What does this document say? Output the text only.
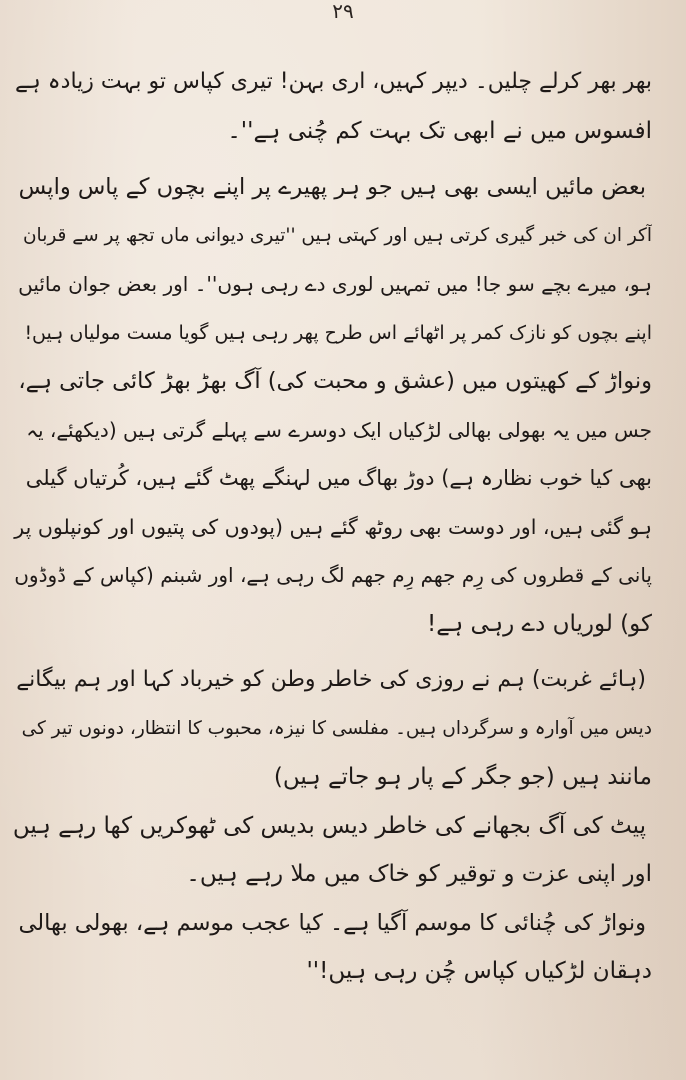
۲۹
بھر بھر کرلے چلیں۔ دیپر کہیں، اری بہن! تیری کپاس تو بہت زیادہ ہے
افسوس میں نے ابھی تک بہت کم چُنی ہے''۔
بعض مائیں ایسی بھی ہیں جو ہر پھیرے پر اپنے بچوں کے پاس واپس
آکر ان کی خبر گیری کرتی ہیں اور کہتی ہیں ''تیری دیوانی ماں تجھ پر سے قربان
ہو، میرے بچے سو جا! میں تمہیں لوری دے رہی ہوں''۔ اور بعض جوان مائیں
اپنے بچوں کو نازک کمر پر اٹھائے اس طرح پھر رہی ہیں گویا مست مولیاں ہیں!
ونواڑ کے کھیتوں میں (عشق و محبت کی) آگ بھڑ بھڑ کائی جاتی ہے،
جس میں یہ بھولی بھالی لڑکیاں ایک دوسرے سے پہلے گرتی ہیں (دیکھئے، یہ
بھی کیا خوب نظارہ ہے) دوڑ بھاگ میں لہنگے پھٹ گئے ہیں، کُرتیاں گیلی
ہو گئی ہیں، اور دوست بھی روٹھ گئے ہیں (پودوں کی پتیوں اور کونپلوں پر
پانی کے قطروں کی رِم جھم رِم جھم لگ رہی ہے، اور شبنم (کپاس کے ڈوڈوں
کو) لوریاں دے رہی ہے!
(ہائے غربت) ہم نے روزی کی خاطر وطن کو خیرباد کہا اور ہم بیگانے
دیس میں آوارہ و سرگرداں ہیں۔ مفلسی کا نیزہ، محبوب کا انتظار، دونوں تیر کی
مانند ہیں (جو جگر کے پار ہو جاتے ہیں)
پیٹ کی آگ بجھانے کی خاطر دیس بدیس کی ٹھوکریں کھا رہے ہیں
اور اپنی عزت و توقیر کو خاک میں ملا رہے ہیں۔
ونواڑ کی چُنائی کا موسم آگیا ہے۔ کیا عجب موسم ہے، بھولی بھالی
دہقان لڑکیاں کپاس چُن رہی ہیں!''
